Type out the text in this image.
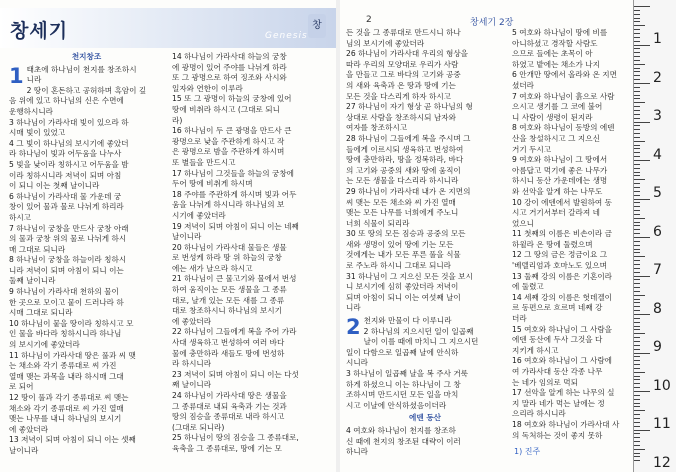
창세기	Genesis
창

천지창조

1 태초에 하나님이 천지를 창조하시

니라

2 땅이 혼돈하고 공허하며 흑암이 깊

음 위에 있고 하나님의 신은 수면에

운행하시니라

3 하나님이 가라사대 빛이 있으라 하

시매 빛이 있었고

4 그 빛이 하나님의 보시기에 좋았더

라 하나님이 빛과 어두움을 나누사

5 빛을 낮이라 칭하시고 어두움을 밤

이라 칭하시니라 저녁이 되며 아침

이 되니 이는 첫째 날이니라

6 하나님이 가라사대 물 가운데 궁

창이 있어 물과 물로 나뉘게 하리라

하시고

7 하나님이 궁창을 만드사 궁창 아래

의 물과 궁창 위의 물로 나뉘게 하시

매 그대로 되니라

8 하나님이 궁창을 하늘이라 칭하시

니라 저녁이 되며 아침이 되니 이는

둘째 날이니라

9 하나님이 가라사대 천하의 물이

한 곳으로 모이고 뭍이 드러나라 하

시매 그대로 되니라

10 하나님이 뭍을 땅이라 칭하시고 모

인 물을 바다라 칭하시니라 하나님

의 보시기에 좋았더라

11 하나님이 가라사대 땅은 풀과 씨 맺

는 채소와 각기 종류대로 씨 가진

열매 맺는 과목을 내라 하시매 그대

로 되어

12 땅이 풀과 각기 종류대로 씨 맺는

채소와 각기 종류대로 씨 가진 열매

맺는 나무를 내니 하나님의 보시기

에 좋았더라

13 저녁이 되며 아침이 되니 이는 셋째

날이니라

14 하나님이 가라사대 하늘의 궁창

에 광명이 있어 주야를 나뉘게 하라

또 그 광명으로 하여 징조와 사시와

일자와 연한이 이루라

15 또 그 광명이 하늘의 궁창에 있어

땅에 비취라 하시고 (그대로 되니

라)

16 하나님이 두 큰 광명을 만드사 큰

광명으로 낮을 주관하게 하시고 작

은 광명으로 밤을 주관하게 하시며

또 별들을 만드시고

17 하나님이 그것들을 하늘의 궁창에

두어 땅에 비취게 하시며

18 주야를 주관하게 하시며 빛과 어두

움을 나뉘게 하시니라 하나님의 보

시기에 좋았더라

19 저녁이 되며 아침이 되니 이는 네째

날이니라

20 하나님이 가라사대 물들은 생물

로 번성케 하라 땅 위 하늘의 궁창

에는 새가 날으라 하시고

21 하나님이 큰 물고기와 물에서 번성

하여 움직이는 모든 생물을 그 종류

대로, 날개 있는 모든 새를 그 종류

대로 창조하시니 하나님의 보시기

에 좋았더라

22 하나님이 그들에게 복을 주어 가라

사대 생육하고 번성하여 여러 바다

물에 충만하라 새들도 땅에 번성하

라 하시니라

23 저녁이 되며 아침이 되니 이는 다섯

째 날이니라

24 하나님이 가라사대 땅은 생물을

그 종류대로 내되 육축과 기는 것과

땅의 짐승을 종류대로 내라 하시고

(그대로 되니라)

25 하나님이 땅의 짐승을 그 종류대로,

육축을 그 종류대로, 땅에 기는 모

2	창세기 2장

든 것을 그 종류대로 만드시니 하나

님의 보시기에 좋았더라

26 하나님이 가라사대 우리의 형상을

따라 우리의 모양대로 우리가 사람

을 만들고 그로 바다의 고기와 공중

의 새와 육축과 온 땅과 땅에 기는

모든 것을 다스리게 하자 하시고

27 하나님이 자기 형상 곧 하나님의 형

상대로 사람을 창조하시되 남자와

여자를 창조하시고

28 하나님이 그들에게 복을 주시며 그

들에게 이르시되 생육하고 번성하여

땅에 충만하라, 땅을 정복하라, 바다

의 고기와 공중의 새와 땅에 움직이

는 모든 생물을 다스리라 하시니라

29 하나님이 가라사대 내가 온 지면의

씨 맺는 모든 채소와 씨 가진 열매

맺는 모든 나무를 너희에게 주노니

너희 식물이 되리라

30 또 땅의 모든 짐승과 공중의 모든

새와 생명이 있어 땅에 기는 모든

것에게는 내가 모든 푸른 풀을 식물

로 주노라 하시니 그대로 되니라

31 하나님이 그 지으신 모든 것을 보시

니 보시기에 심히 좋았더라 저녁이

되며 아침이 되니 이는 여섯째 날이

니라

2 천지와 만물이 다 이루니라

2 하나님의 지으시던 일이 일곱째

날이 이를 때에 마치니 그 지으시던

일이 다함으로 일곱째 날에 안식하

시니라

3 하나님이 일곱째 날을 복 주사 거룩

하게 하셨으니 이는 하나님이 그 창

조하시며 만드시던 모든 일을 마치

시고 이날에 안식하셨음이더라

에덴 동산

4 여호와 하나님이 천지를 창조하

신 때에 천지의 창조된 대략이 이러

하니라

5 여호와 하나님이 땅에 비를

아니하셨고 경작할 사람도

으므로 들에는 초목이 아

하였고 밭에는 채소가 나지

6 안개만 땅에서 올라와 온 지면

셨더라

7 여호와 하나님이 흙으로 사람

으시고 생기를 그 코에 불어

니 사람이 생령이 된지라

8 여호와 하나님이 동방의 에덴

산을 창설하시고 그 지으신

거기 두시고

9 여호와 하나님이 그 땅에서

아름답고 먹기에 좋은 나무가

하시니 동산 가운데에는 생명

와 선악을 알게 하는 나무도

10 강이 에덴에서 발원하여 동

시고 거기서부터 갈라져 네

었으니

11 첫째의 이름은 비손이라 금

하윌라 온 땅에 둘렸으며

12 그 땅의 금은 정금이요 그

'베델리엄과 호마노도 있으며

13 둘째 강의 이름은 기혼이라

에 둘렸고

14 세째 강의 이름은 헛데겔이

르 동편으로 흐르며 네째 강

더라

15 여호와 하나님이 그 사람을

에덴 동산에 두사 그것을 다

지키게 하시고

16 여호와 하나님이 그 사람에

여 가라사대 동산 각종 나무

는 네가 임의로 먹되

17 선악을 알게 하는 나무의 실

지 말라 네가 먹는 날에는 정

으리라 하시니라

18 여호와 하나님이 가라사대 사

의 독처하는 것이 좋지 못하

1) 진주
1
2
3
4
5
6
7
8
9
10
11
12
